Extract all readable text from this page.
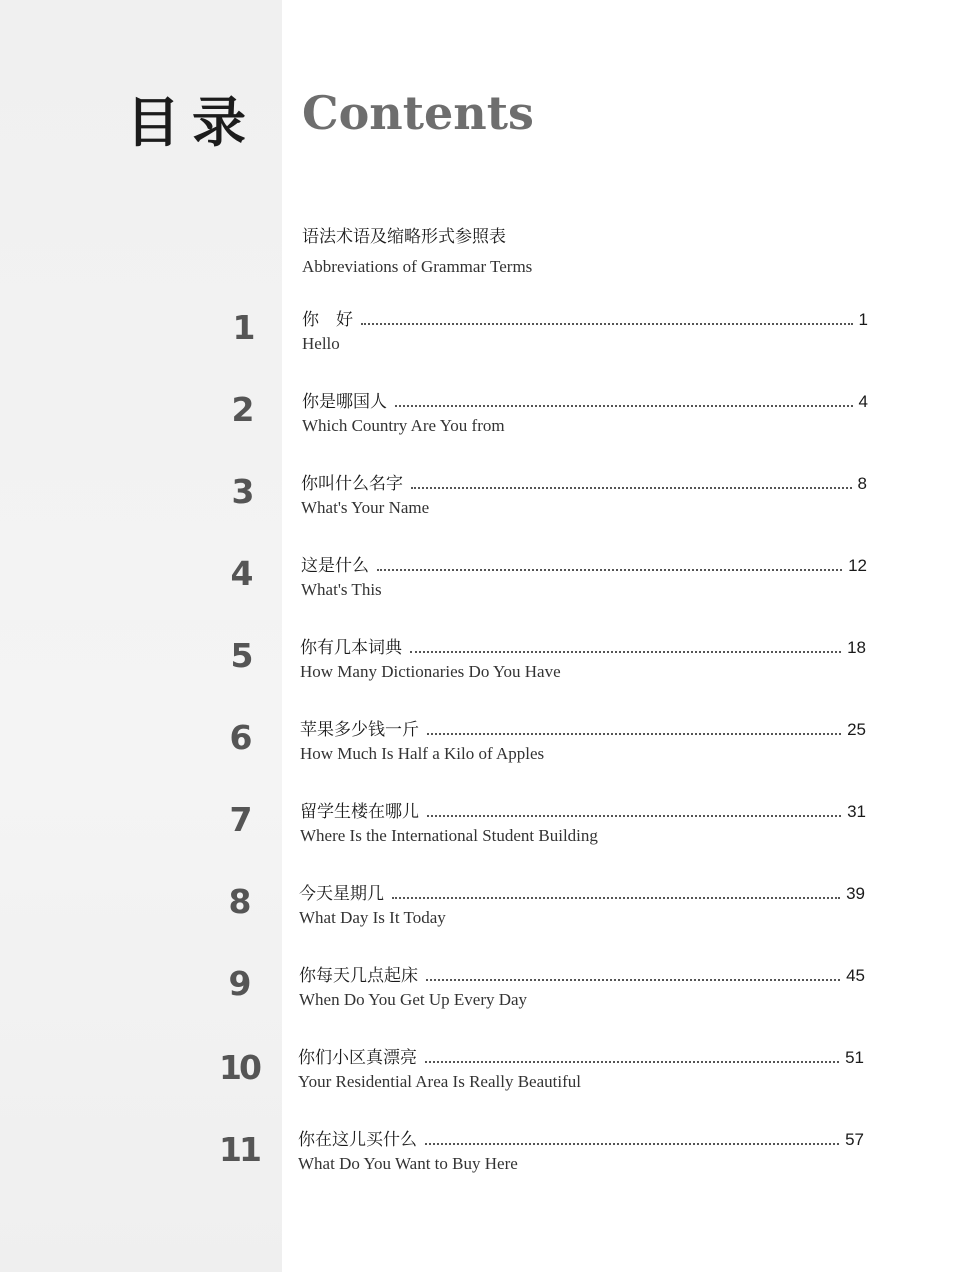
目录 Contents
语法术语及缩略形式参照表
Abbreviations of Grammar Terms
1	你　好	1
Hello
2	你是哪国人	4
Which Country Are You from
3	你叫什么名字	8
What's Your Name
4	这是什么	12
What's This
5	你有几本词典	18
How Many Dictionaries Do You Have
6	苹果多少钱一斤	25
How Much Is Half a Kilo of Apples
7	留学生楼在哪儿	31
Where Is the International Student Building
8	今天星期几	39
What Day Is It Today
9	你每天几点起床	45
When Do You Get Up Every Day
10	你们小区真漂亮	51
Your Residential Area Is Really Beautiful
11	你在这儿买什么	57
What Do You Want to Buy Here
